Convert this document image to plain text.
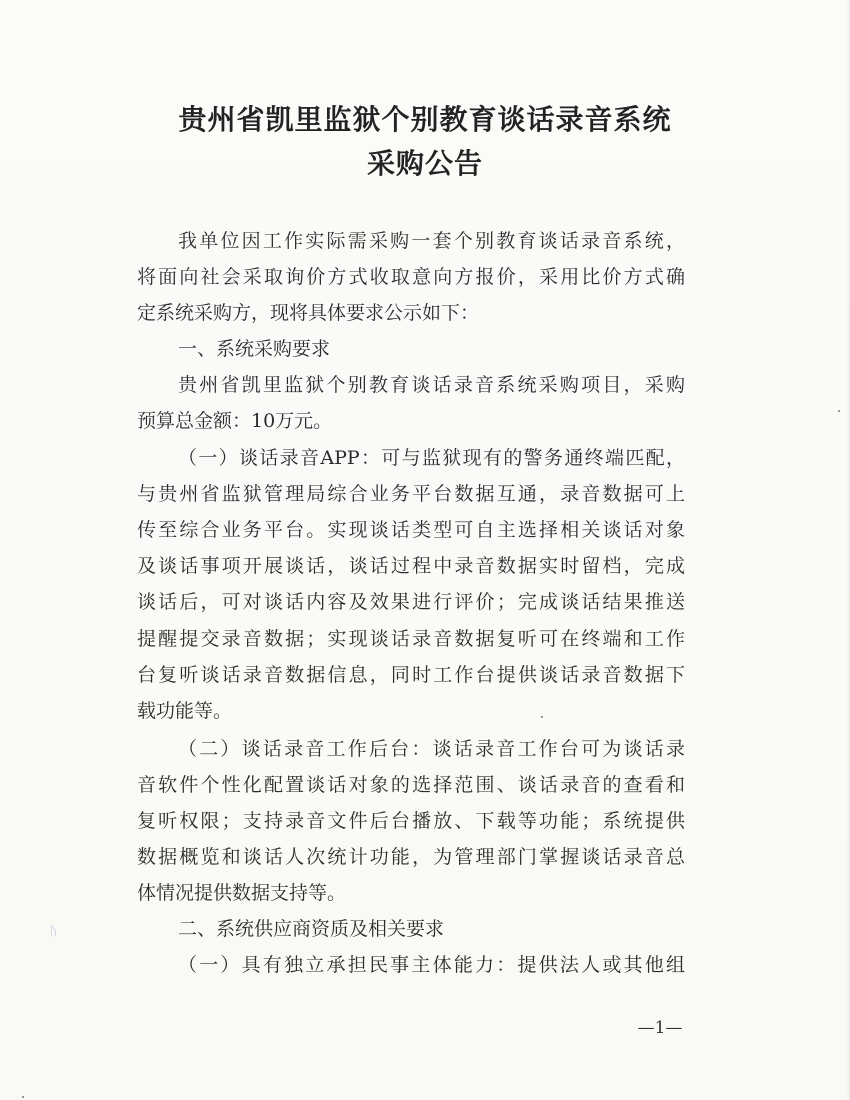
贵州省凯里监狱个别教育谈话录音系统
采购公告
我单位因工作实际需采购一套个别教育谈话录音系统，
将面向社会采取询价方式收取意向方报价，采用比价方式确
定系统采购方，现将具体要求公示如下：
一、系统采购要求
贵州省凯里监狱个别教育谈话录音系统采购项目，采购
预算总金额：10万元。
（一）谈话录音APP：可与监狱现有的警务通终端匹配，
与贵州省监狱管理局综合业务平台数据互通，录音数据可上
传至综合业务平台。实现谈话类型可自主选择相关谈话对象
及谈话事项开展谈话，谈话过程中录音数据实时留档，完成
谈话后，可对谈话内容及效果进行评价；完成谈话结果推送
提醒提交录音数据；实现谈话录音数据复听可在终端和工作
台复听谈话录音数据信息，同时工作台提供谈话录音数据下
载功能等。
（二）谈话录音工作后台：谈话录音工作台可为谈话录
音软件个性化配置谈话对象的选择范围、谈话录音的查看和
复听权限；支持录音文件后台播放、下载等功能；系统提供
数据概览和谈话人次统计功能，为管理部门掌握谈话录音总
体情况提供数据支持等。
二、系统供应商资质及相关要求
（一）具有独立承担民事主体能力：提供法人或其他组
—1—
ᚢ
